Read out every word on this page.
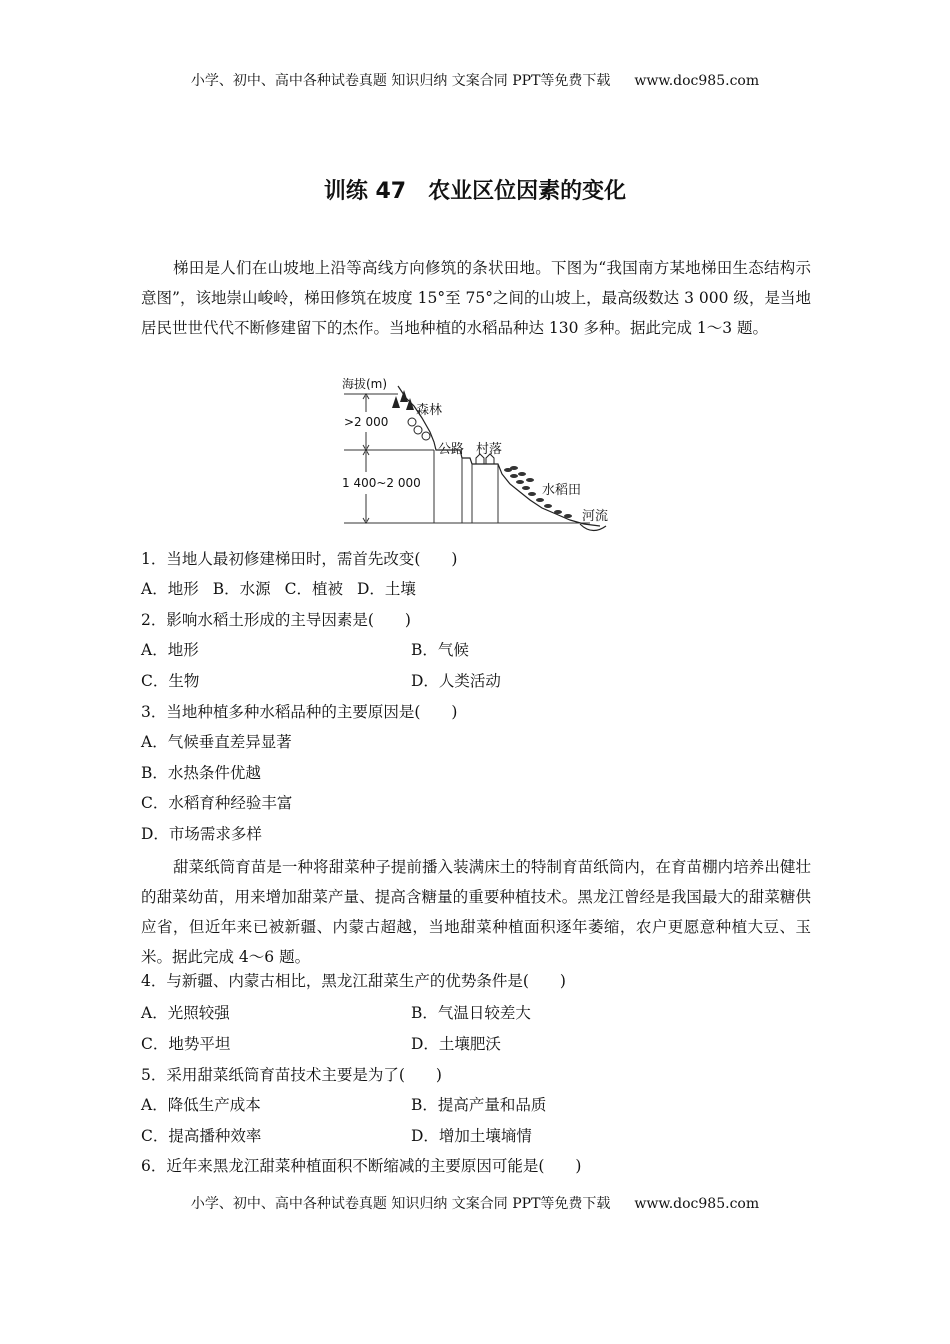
小学、初中、高中各种试卷真题 知识归纳 文案合同 PPT等免费下载 www.doc985.com
训练 47 农业区位因素的变化
梯田是人们在山坡地上沿等高线方向修筑的条状田地。下图为“我国南方某地梯田生态结构示意图”，该地崇山峻岭，梯田修筑在坡度 15°至 75°之间的山坡上，最高级数达 3 000 级，是当地居民世世代代不断修建留下的杰作。当地种植的水稻品种达 130 多种。据此完成 1～3 题。
海拔(m)
>2 000
1 400~2 000
森林
公路 村落
水稻田
河流
1．当地人最初修建梯田时，需首先改变(　　)
A．地形 B．水源 C．植被 D．土壤
2．影响水稻土形成的主导因素是(　　)
A．地形	B．气候
C．生物	D．人类活动
3．当地种植多种水稻品种的主要原因是(　　)
A．气候垂直差异显著
B．水热条件优越
C．水稻育种经验丰富
D．市场需求多样
甜菜纸筒育苗是一种将甜菜种子提前播入装满床土的特制育苗纸筒内，在育苗棚内培养出健壮的甜菜幼苗，用来增加甜菜产量、提高含糖量的重要种植技术。黑龙江曾经是我国最大的甜菜糖供应省，但近年来已被新疆、内蒙古超越，当地甜菜种植面积逐年萎缩，农户更愿意种植大豆、玉米。据此完成 4～6 题。
4．与新疆、内蒙古相比，黑龙江甜菜生产的优势条件是(　　)
A．光照较强	B．气温日较差大
C．地势平坦	D．土壤肥沃
5．采用甜菜纸筒育苗技术主要是为了(　　)
A．降低生产成本	B．提高产量和品质
C．提高播种效率	D．增加土壤墒情
6．近年来黑龙江甜菜种植面积不断缩减的主要原因可能是(　　)
小学、初中、高中各种试卷真题 知识归纳 文案合同 PPT等免费下载 www.doc985.com
